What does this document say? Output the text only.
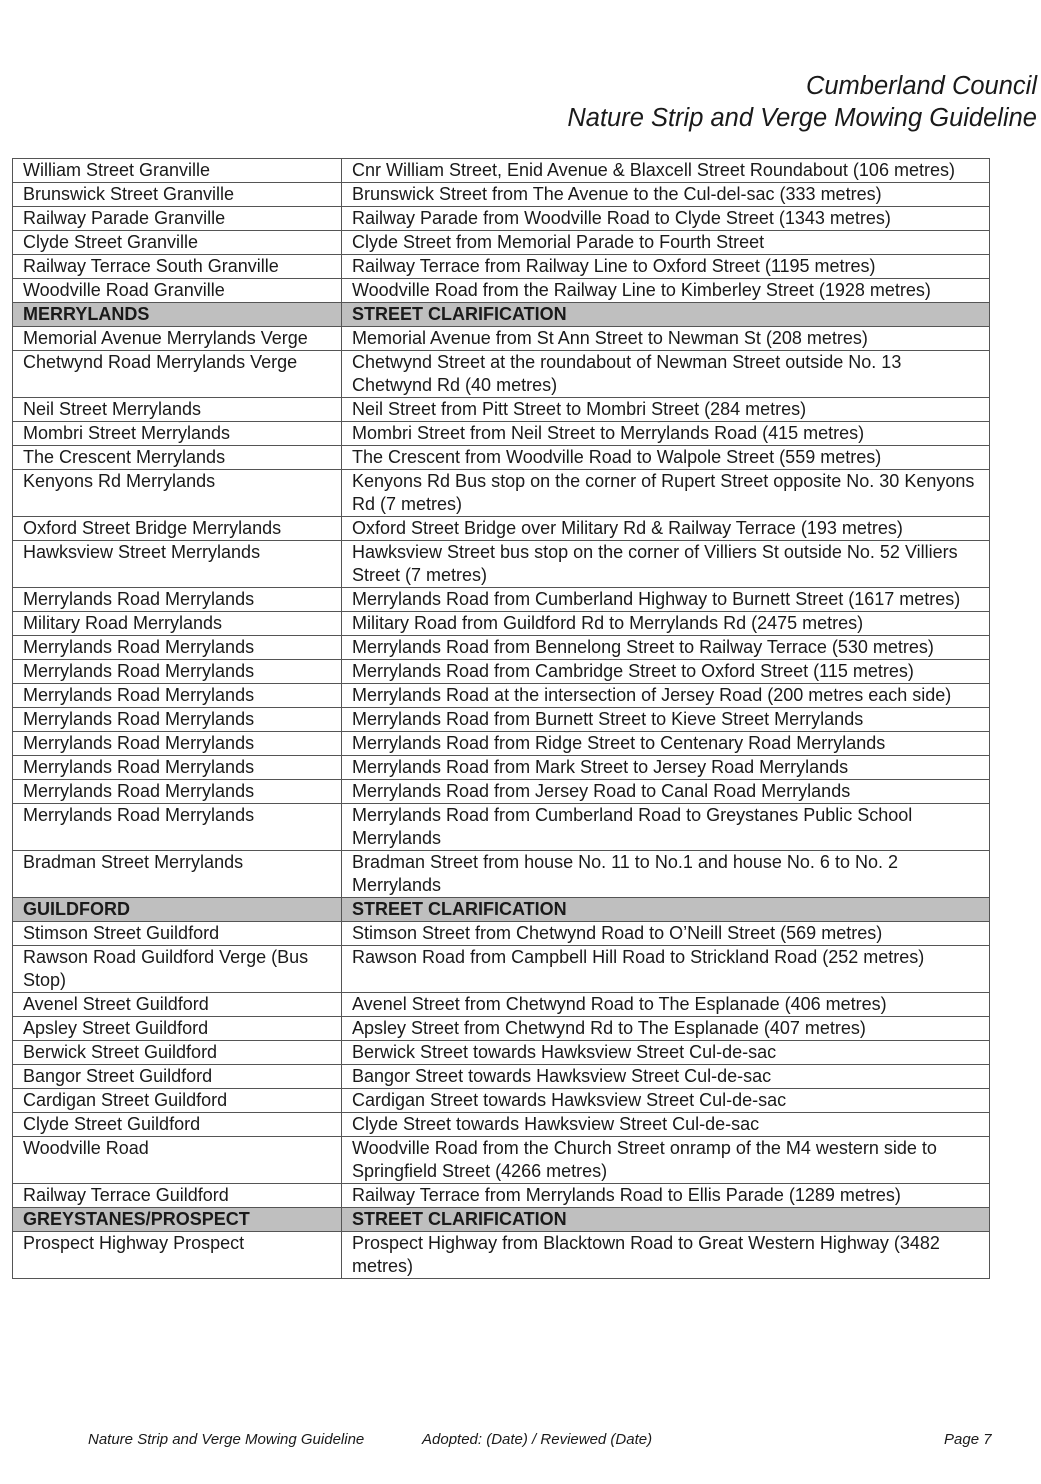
Cumberland Council
Nature Strip and Verge Mowing Guideline
William Street Granville	Cnr William Street, Enid Avenue & Blaxcell Street Roundabout (106 metres)
Brunswick Street Granville	Brunswick Street from The Avenue to the Cul-del-sac (333 metres)
Railway Parade Granville	Railway Parade from Woodville Road to Clyde Street (1343 metres)
Clyde Street Granville	Clyde Street from Memorial Parade to Fourth Street
Railway Terrace South Granville	Railway Terrace from Railway Line to Oxford Street (1195 metres)
Woodville Road Granville	Woodville Road from the Railway Line to Kimberley Street (1928 metres)
MERRYLANDS	STREET CLARIFICATION
Memorial Avenue Merrylands Verge	Memorial Avenue from St Ann Street to Newman St (208 metres)
Chetwynd Road Merrylands Verge	Chetwynd Street at the roundabout of Newman Street outside No. 13 Chetwynd Rd (40 metres)
Neil Street Merrylands	Neil Street from Pitt Street to Mombri Street (284 metres)
Mombri Street Merrylands	Mombri Street from Neil Street to Merrylands Road (415 metres)
The Crescent Merrylands	The Crescent from Woodville Road to Walpole Street (559 metres)
Kenyons Rd Merrylands	Kenyons Rd Bus stop on the corner of Rupert Street opposite No. 30 Kenyons Rd (7 metres)
Oxford Street Bridge Merrylands	Oxford Street Bridge over Military Rd & Railway Terrace (193 metres)
Hawksview Street Merrylands	Hawksview Street bus stop on the corner of Villiers St outside No. 52 Villiers Street (7 metres)
Merrylands Road Merrylands	Merrylands Road from Cumberland Highway to Burnett Street (1617 metres)
Military Road Merrylands	Military Road from Guildford Rd to Merrylands Rd (2475 metres)
Merrylands Road Merrylands	Merrylands Road from Bennelong Street to Railway Terrace (530 metres)
Merrylands Road Merrylands	Merrylands Road from Cambridge Street to Oxford Street (115 metres)
Merrylands Road Merrylands	Merrylands Road at the intersection of Jersey Road (200 metres each side)
Merrylands Road Merrylands	Merrylands Road from Burnett Street to Kieve Street Merrylands
Merrylands Road Merrylands	Merrylands Road from Ridge Street to Centenary Road Merrylands
Merrylands Road Merrylands	Merrylands Road from Mark Street to Jersey Road Merrylands
Merrylands Road Merrylands	Merrylands Road from Jersey Road to Canal Road Merrylands
Merrylands Road Merrylands	Merrylands Road from Cumberland Road to Greystanes Public School Merrylands
Bradman Street Merrylands	Bradman Street from house No. 11 to No.1 and house No. 6 to No. 2 Merrylands
GUILDFORD	STREET CLARIFICATION
Stimson Street Guildford	Stimson Street from Chetwynd Road to O’Neill Street (569 metres)
Rawson Road Guildford Verge (Bus Stop)	Rawson Road from Campbell Hill Road to Strickland Road (252 metres)
Avenel Street Guildford	Avenel Street from Chetwynd Road to The Esplanade (406 metres)
Apsley Street Guildford	Apsley Street from Chetwynd Rd to The Esplanade (407 metres)
Berwick Street Guildford	Berwick Street towards Hawksview Street Cul-de-sac
Bangor Street Guildford	Bangor Street towards Hawksview Street Cul-de-sac
Cardigan Street Guildford	Cardigan Street towards Hawksview Street Cul-de-sac
Clyde Street Guildford	Clyde Street towards Hawksview Street Cul-de-sac
Woodville Road	Woodville Road from the Church Street onramp of the M4 western side to Springfield Street (4266 metres)
Railway Terrace Guildford	Railway Terrace from Merrylands Road to Ellis Parade (1289 metres)
GREYSTANES/PROSPECT	STREET CLARIFICATION
Prospect Highway Prospect	Prospect Highway from Blacktown Road to Great Western Highway (3482 metres)
Nature Strip and Verge Mowing Guideline	Adopted: (Date) / Reviewed (Date)	Page 7
